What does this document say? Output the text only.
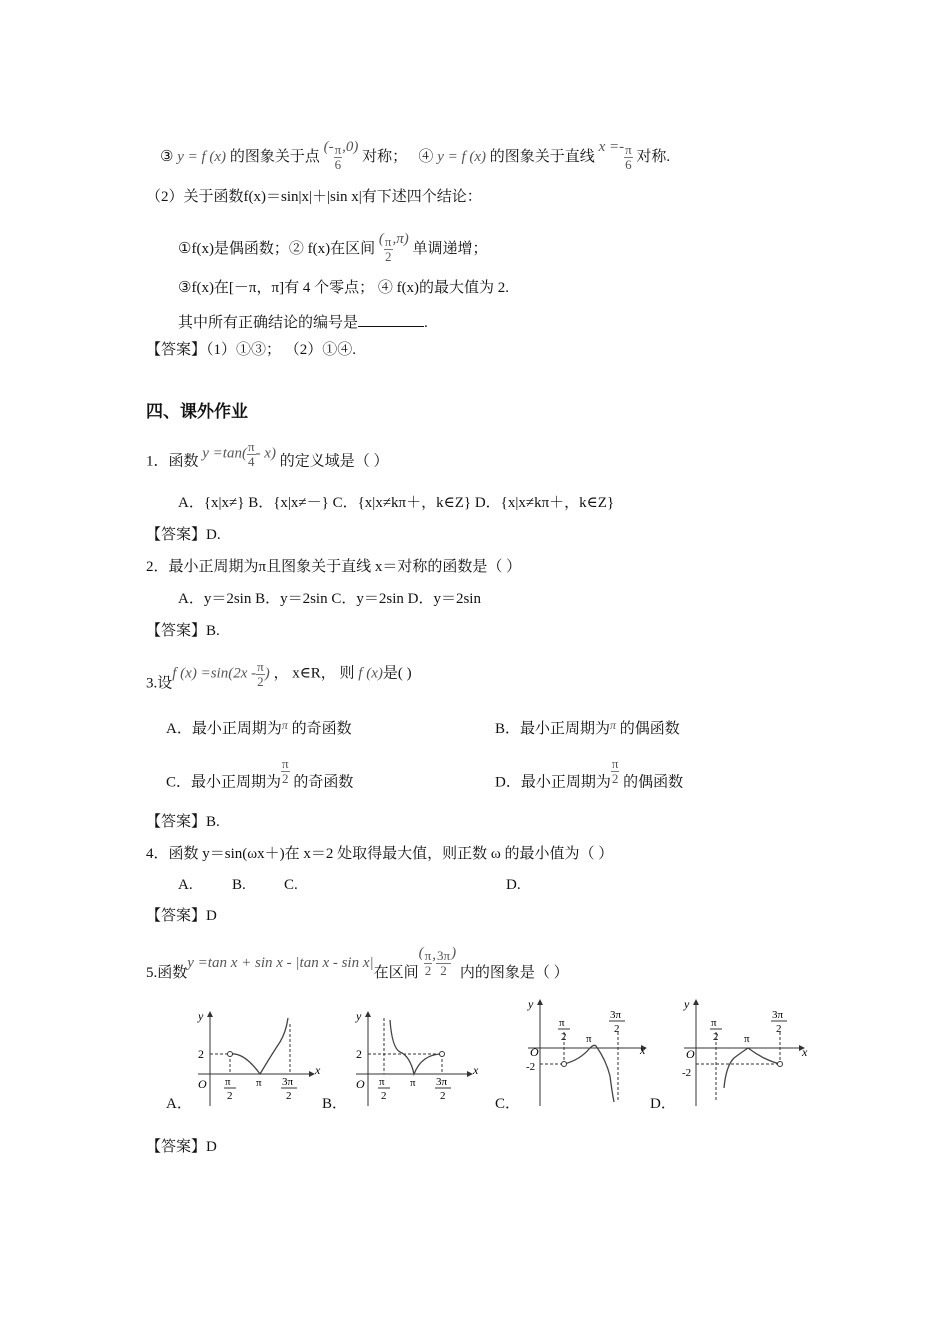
③ y = f (x) 的图象关于点 (- $\frac{\pi}{6} ,0$) 对称； ④ y = f (x) 的图象关于直线 $x =- \frac{\pi}{6}$ 对称.
（2）关于函数f(x)＝sin|x|＋|sin x|有下述四个结论：
①f(x)是偶函数；② f(x)在区间 ( $\frac{\pi}{2} ,\pi$) 单调递增；
③f(x)在[－π，π]有 4 个零点； ④ f(x)的最大值为 2.
其中所有正确结论的编号是	.
【答案】（1）①③； （2）①④.
四、课外作业
1．函数 $y =\tan( \frac{\pi}{4} - x)$ 的定义域是（ ）
A．{x|x≠} B．{x|x≠－} C．{x|x≠kπ＋，k∈Z} D．{x|x≠kπ＋，k∈Z}
【答案】D.
2．最小正周期为π且图象关于直线 x＝对称的函数是（ ）
A．y＝2sin B．y＝2sin C．y＝2sin D．y＝2sin
【答案】B.
3.设f $(x) =\sin(2x - \frac{\pi}{2}$ ) ， x∈R， 则 f (x)是( )
A．最小正周期为$^\pi$ 的奇函数	B．最小正周期为$^\pi$ 的偶函数
C．最小正周期为 $\frac{\pi}{2}$ 的奇函数	D．最小正周期为 $\frac{\pi}{2}$ 的偶函数
【答案】B.
4．函数 y＝sin(ωx＋)在 x＝2 处取得最大值，则正数 ω 的最小值为（ ）
A.	B.	C.	D.
【答案】D
5.函数y =tan x + sin x - |tan x - sin x|在区间( $\frac{\pi}{2}$ , $\frac{3\pi}{2}$ ) 内的图象是（ ）
A．	B．	C．	D．
y
x
O
2
π
2
π 3π
2
y
x
O
2
π
2
π 3π
2
y
x
O
-2
π
2 π
3π
2
y
x
O
-2
π
2 π
3π
2
【答案】D
